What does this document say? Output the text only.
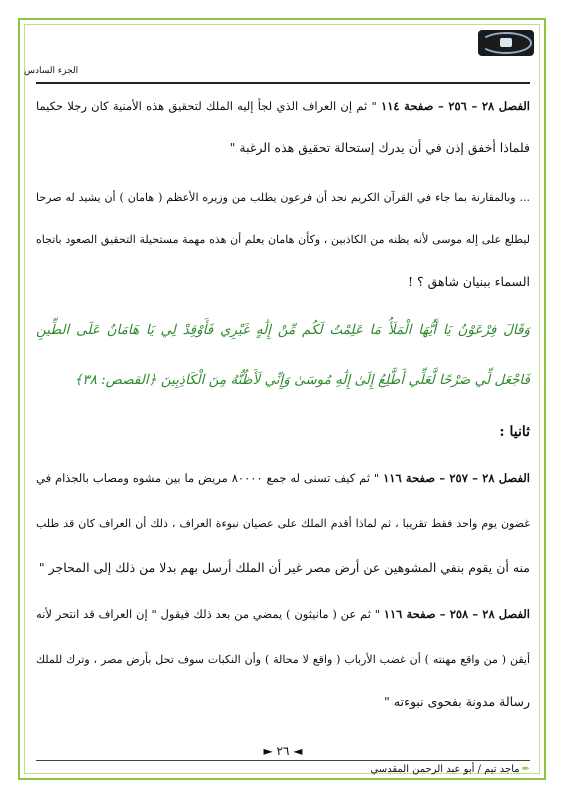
الجزء السادس
الفصل ٢٨ – ٢٥٦ – صفحة ١١٤ " ثم إن العراف الذي لجأ إليه الملك لتحقيق هذه الأمنية كان رجلا حكيما
فلماذا أخفق إذن في أن يدرك إستحالة تحقيق هذه الرغبة "
... وبالمقارنة بما جاء في القرآن الكريم نجد أن فرعون يطلب من وزيره الأعظم ( هامان ) أن يشيد له صرحا
ليطلع على إله موسى لأنه يظنه من الكاذبين ، وكأن هامان يعلم أن هذه مهمة مستحيلة التحقيق الصعود باتجاه
السماء ببنيان شاهق ؟ !
وَقَالَ فِرْعَوْنُ يَا أَيُّهَا الْمَلَأُ مَا عَلِمْتُ لَكُم مِّنْ إِلَٰهٍ غَيْرِي فَأَوْقِدْ لِي يَا هَامَانُ عَلَى الطِّينِ
فَاجْعَل لِّي صَرْحًا لَّعَلِّي أَطَّلِعُ إِلَىٰ إِلَٰهِ مُوسَىٰ وَإِنِّي لَأَظُنُّهُ مِنَ الْكَاذِبِينَ ﴿القصص: ٣٨﴾
ثانيا :
الفصل ٢٨ – ٢٥٧ – صفحة ١١٦ " ثم كيف تسنى له جمع ٨٠٠٠٠ مريض ما بين مشوه ومصاب بالجذام في
غضون يوم واحد فقط تقريبا ، ثم لماذا أقدم الملك على عصيان نبوءة العراف ، ذلك أن العراف كان قد طلب
منه أن يقوم بنفي المشوهين عن أرض مصر غير أن الملك أرسل بهم بدلا من ذلك إلى المحاجر "
الفصل ٢٨ – ٢٥٨ – صفحة ١١٦ " ثم عن ( مانيثون ) يمضي من بعد ذلك فيقول " إن العراف قد انتحر لأنه
أيقن ( من واقع مهنته ) أن غضب الأرباب ( واقع لا محالة ) وأن النكبات سوف تحل بأرض مصر ، وترك للملك
رسالة مدونة بفحوى نبوءته "
◄ ٢٦ ►
✒ماجد تيم / أبو عبد الرحمن المقدسي
